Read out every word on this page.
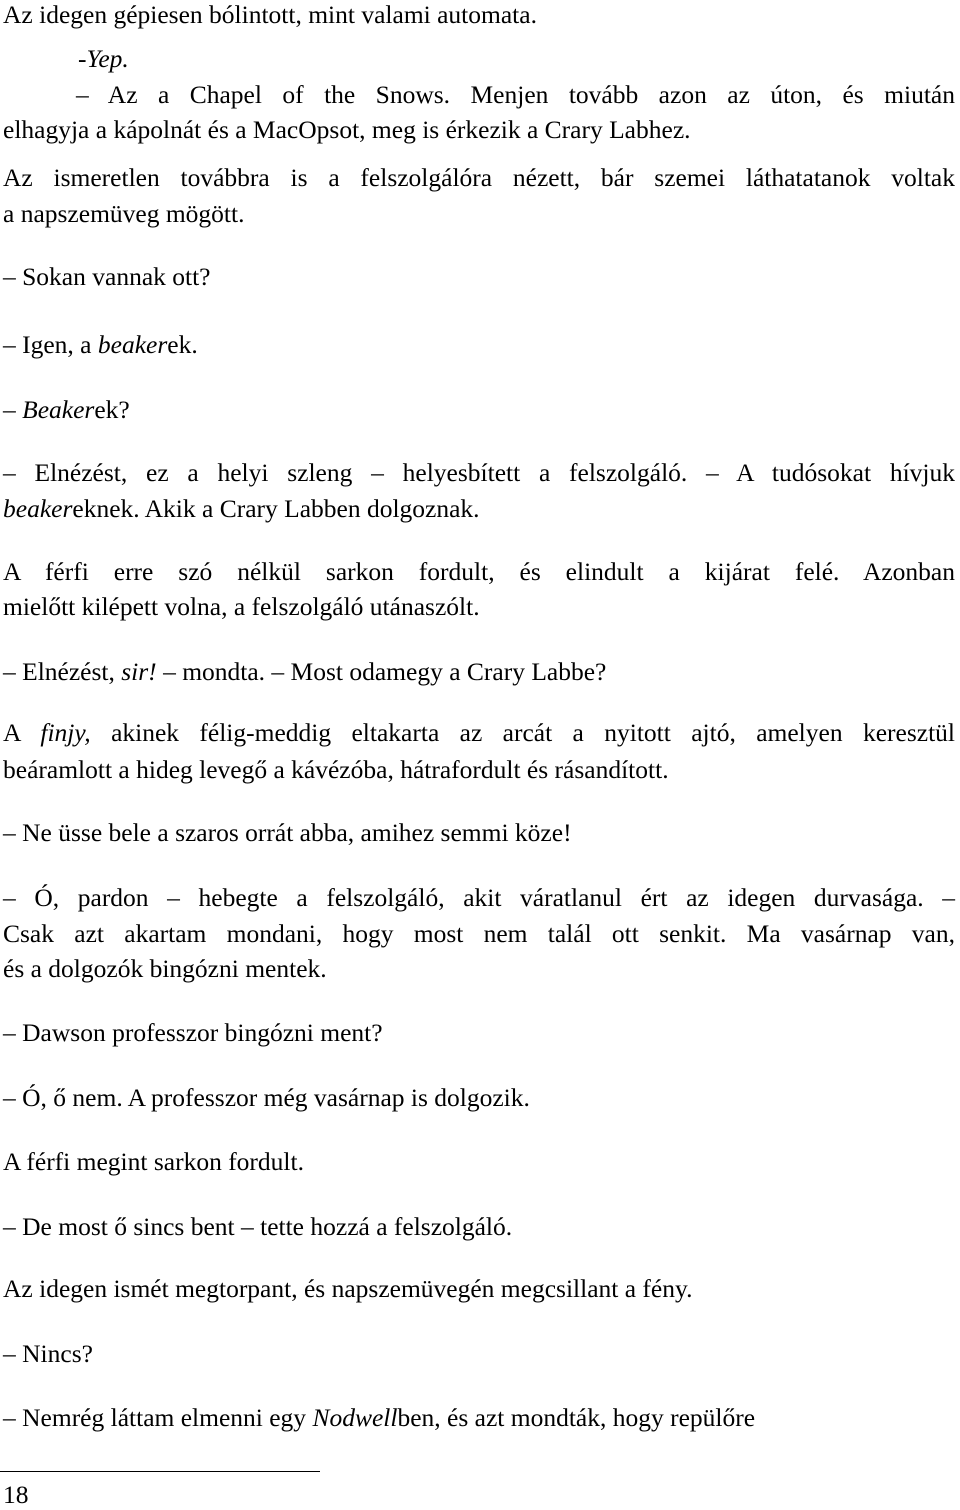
Az idegen gépiesen bólintott, mint valami automata.
-Yep.
– Az a Chapel of the Snows. Menjen tovább azon az úton, és miután
elhagyja a kápolnát és a MacOpsot, meg is érkezik a Crary Labhez.
Az ismeretlen továbbra is a felszolgálóra nézett, bár szemei láthatatanok voltak
a napszemüveg mögött.
– Sokan vannak ott?
– Igen, a beakerek.
– Beakerek?
– Elnézést, ez a helyi szleng – helyesbített a felszolgáló. – A tudósokat hívjuk
beakereknek. Akik a Crary Labben dolgoznak.
A férfi erre szó nélkül sarkon fordult, és elindult a kijárat felé. Azonban
mielőtt kilépett volna, a felszolgáló utánaszólt.
– Elnézést, sir! – mondta. – Most odamegy a Crary Labbe?
A finjy, akinek félig-meddig eltakarta az arcát a nyitott ajtó, amelyen keresztül
beáramlott a hideg levegő a kávézóba, hátrafordult és rásandított.
– Ne üsse bele a szaros orrát abba, amihez semmi köze!
– Ó, pardon – hebegte a felszolgáló, akit váratlanul ért az idegen durvasága. –
Csak azt akartam mondani, hogy most nem talál ott senkit. Ma vasárnap van,
és a dolgozók bingózni mentek.
– Dawson professzor bingózni ment?
– Ó, ő nem. A professzor még vasárnap is dolgozik.
A férfi megint sarkon fordult.
– De most ő sincs bent – tette hozzá a felszolgáló.
Az idegen ismét megtorpant, és napszemüvegén megcsillant a fény.
– Nincs?
– Nemrég láttam elmenni egy Nodwellben, és azt mondták, hogy repülőre
18
